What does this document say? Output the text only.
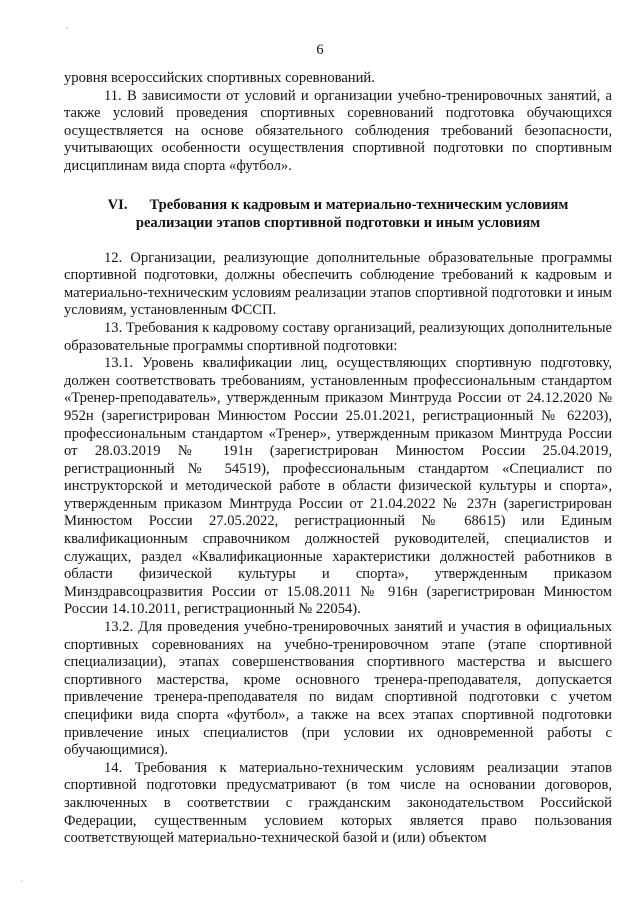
,
´
6

уровня всероссийских спортивных соревнований.

11. В зависимости от условий и организации учебно-тренировочных занятий, а также условий проведения спортивных соревнований подготовка обучающихся осуществляется на основе обязательного соблюдения требований безопасности, учитывающих особенности осуществления спортивной подготовки по спортивным дисциплинам вида спорта «футбол».

VI. Требования к кадровым и материально-техническим условиям
реализации этапов спортивной подготовки и иным условиям

12. Организации, реализующие дополнительные образовательные программы спортивной подготовки, должны обеспечить соблюдение требований к кадровым и материально-техническим условиям реализации этапов спортивной подготовки и иным условиям, установленным ФССП.

13. Требования к кадровому составу организаций, реализующих дополнительные образовательные программы спортивной подготовки:

13.1. Уровень квалификации лиц, осуществляющих спортивную подготовку, должен соответствовать требованиям, установленным профессиональным стандартом «Тренер-преподаватель», утвержденным приказом Минтруда России от 24.12.2020 № 952н (зарегистрирован Минюстом России 25.01.2021, регистрационный № 62203), профессиональным стандартом «Тренер», утвержденным приказом Минтруда России от 28.03.2019 № 191н (зарегистрирован Минюстом России 25.04.2019, регистрационный № 54519), профессиональным стандартом «Специалист по инструкторской и методической работе в области физической культуры и спорта», утвержденным приказом Минтруда России от 21.04.2022 № 237н (зарегистрирован Минюстом России 27.05.2022, регистрационный № 68615) или Единым квалификационным справочником должностей руководителей, специалистов и служащих, раздел «Квалификационные характеристики должностей работников в области физической культуры и спорта», утвержденным приказом Минздравсоцразвития России от 15.08.2011 № 916н (зарегистрирован Минюстом России 14.10.2011, регистрационный № 22054).

13.2. Для проведения учебно-тренировочных занятий и участия в официальных спортивных соревнованиях на учебно-тренировочном этапе (этапе спортивной специализации), этапах совершенствования спортивного мастерства и высшего спортивного мастерства, кроме основного тренера-преподавателя, допускается привлечение тренера-преподавателя по видам спортивной подготовки с учетом специфики вида спорта «футбол», а также на всех этапах спортивной подготовки привлечение иных специалистов (при условии их одновременной работы с обучающимися).

14. Требования к материально-техническим условиям реализации этапов спортивной подготовки предусматривают (в том числе на основании договоров, заключенных в соответствии с гражданским законодательством Российской Федерации, существенным условием которых является право пользования соответствующей материально-технической базой и (или) объектом
